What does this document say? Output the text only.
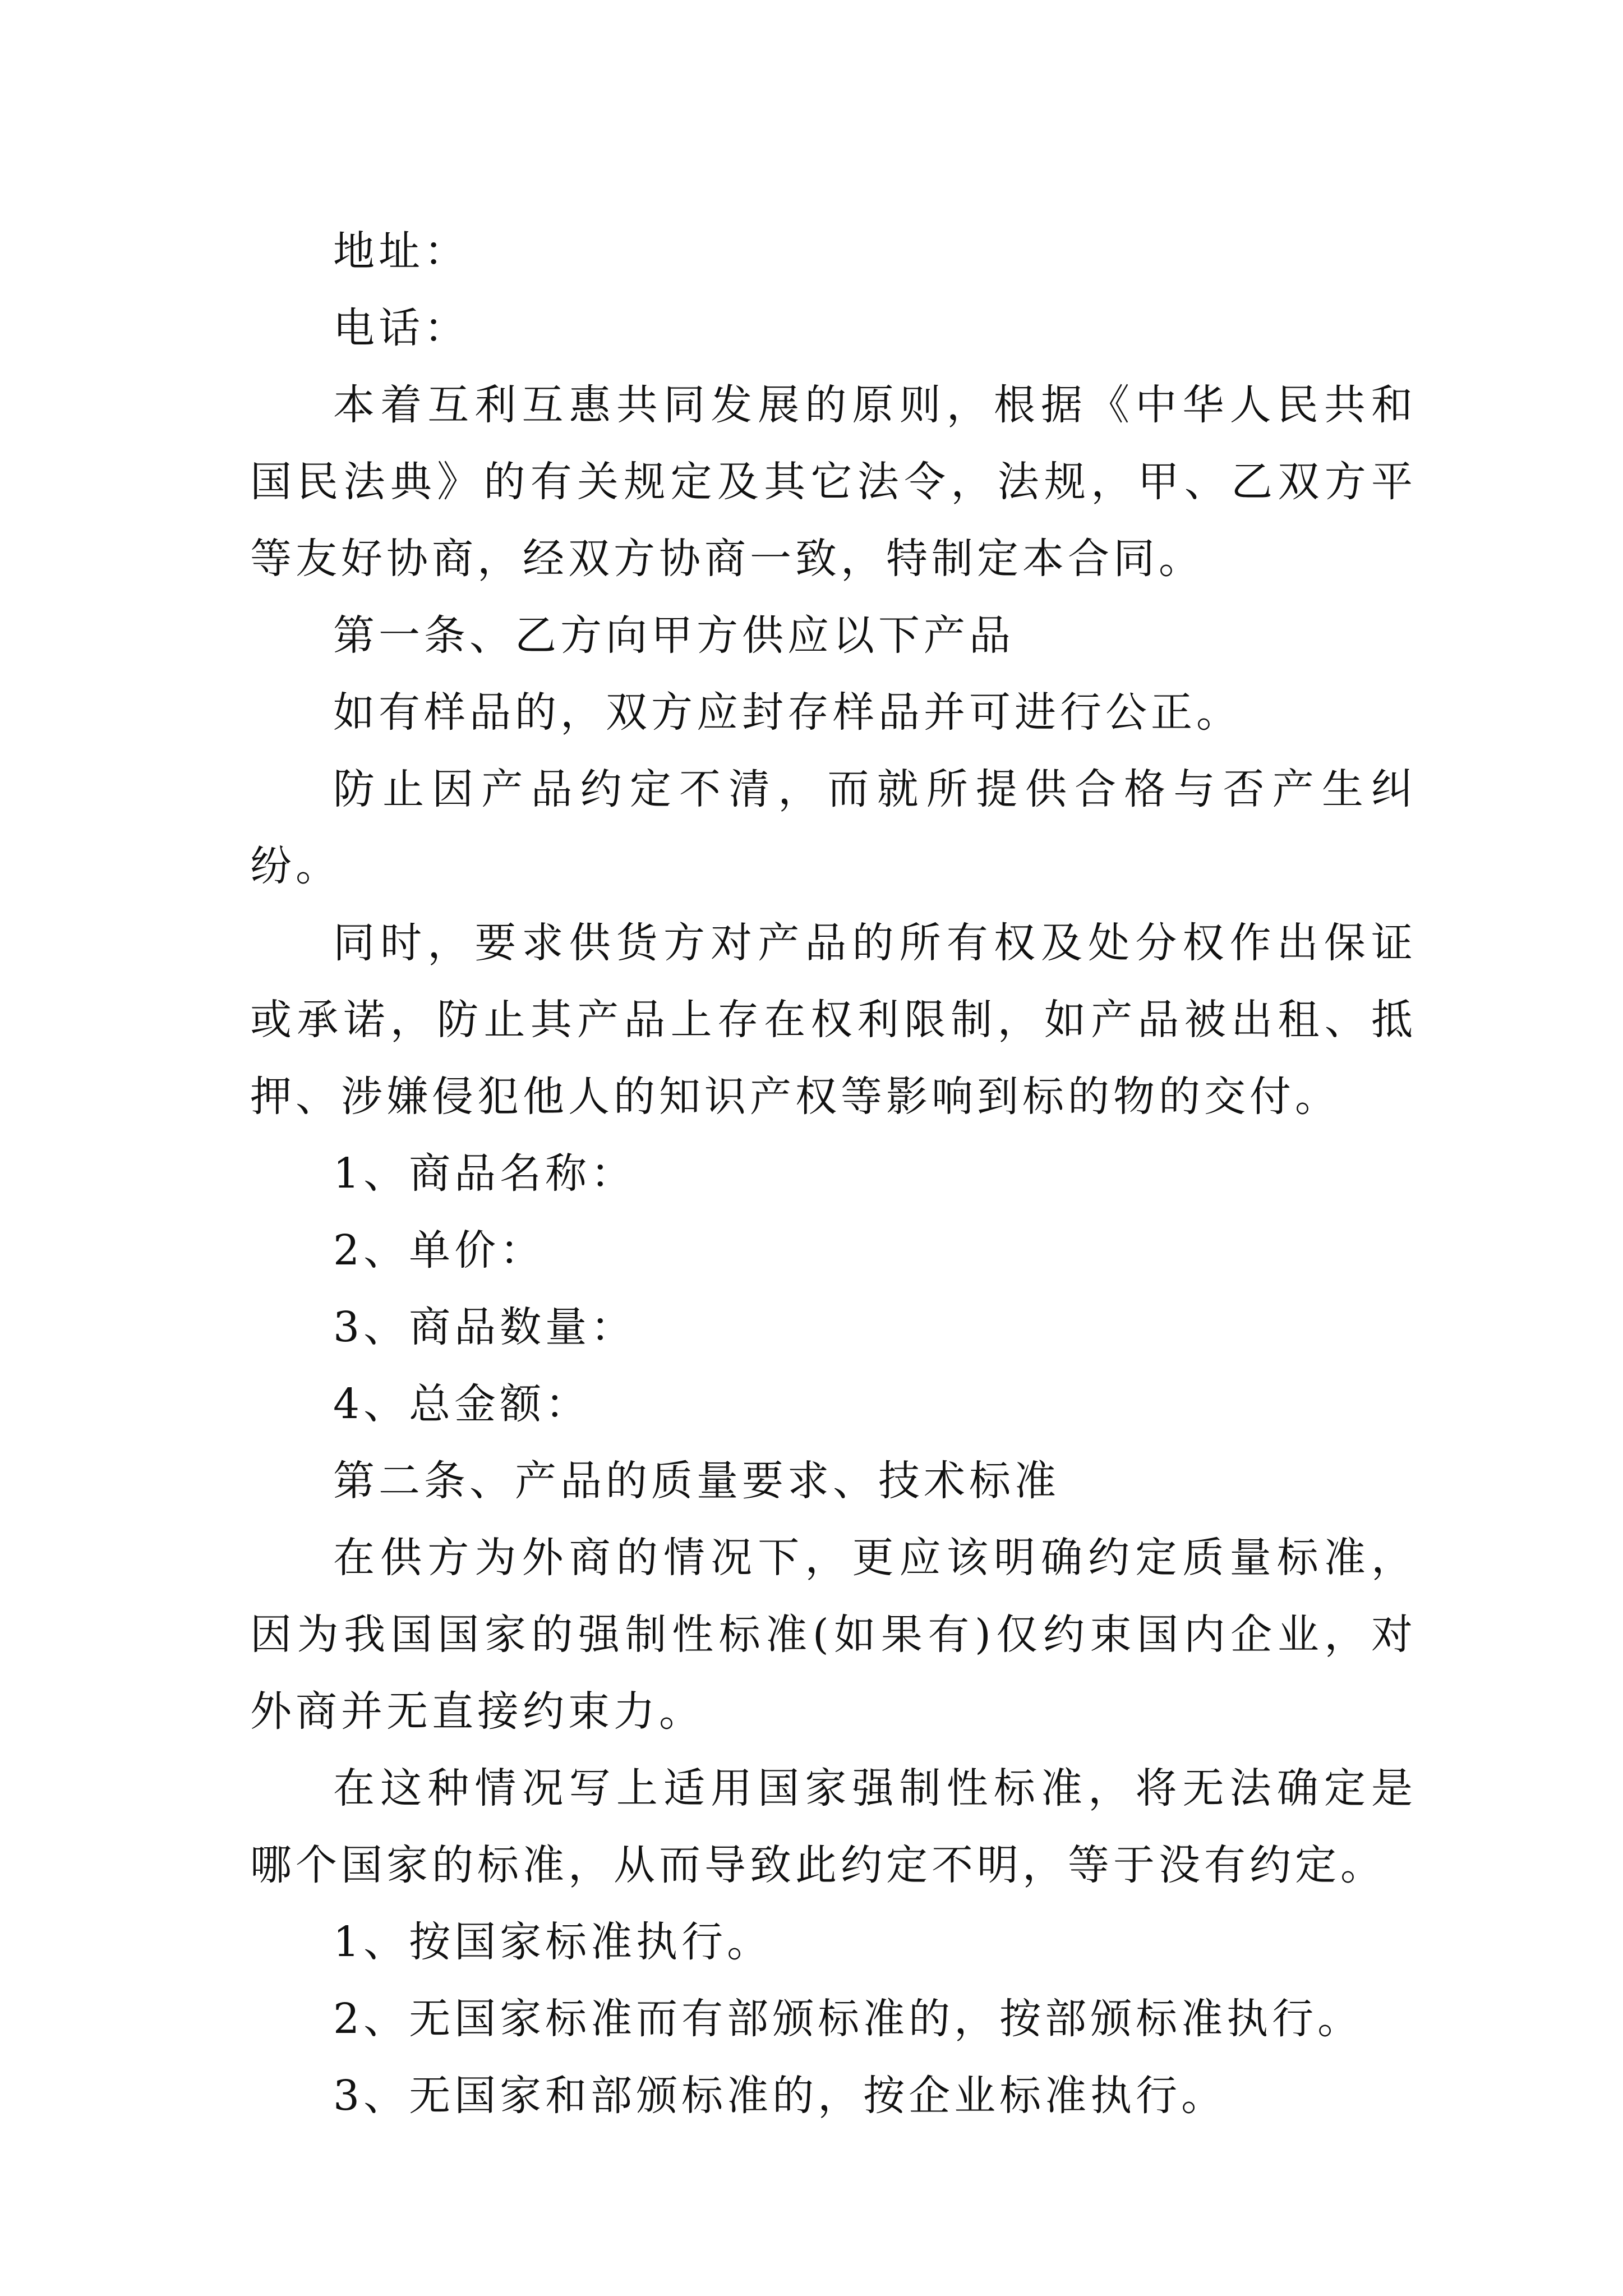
地址：

电话：

本着互利互惠共同发展的原则，根据《中华人民共和国民法典》的有关规定及其它法令，法规，甲、乙双方平等友好协商，经双方协商一致，特制定本合同。

第一条、乙方向甲方供应以下产品

如有样品的，双方应封存样品并可进行公正。

防止因产品约定不清，而就所提供合格与否产生纠纷。

同时，要求供货方对产品的所有权及处分权作出保证或承诺，防止其产品上存在权利限制，如产品被出租、抵押、涉嫌侵犯他人的知识产权等影响到标的物的交付。

1、商品名称：

2、单价：

3、商品数量：

4、总金额：

第二条、产品的质量要求、技术标准

在供方为外商的情况下，更应该明确约定质量标准，因为我国国家的强制性标准(如果有)仅约束国内企业，对外商并无直接约束力。

在这种情况写上适用国家强制性标准，将无法确定是哪个国家的标准，从而导致此约定不明，等于没有约定。

1、按国家标准执行。

2、无国家标准而有部颁标准的，按部颁标准执行。

3、无国家和部颁标准的，按企业标准执行。
